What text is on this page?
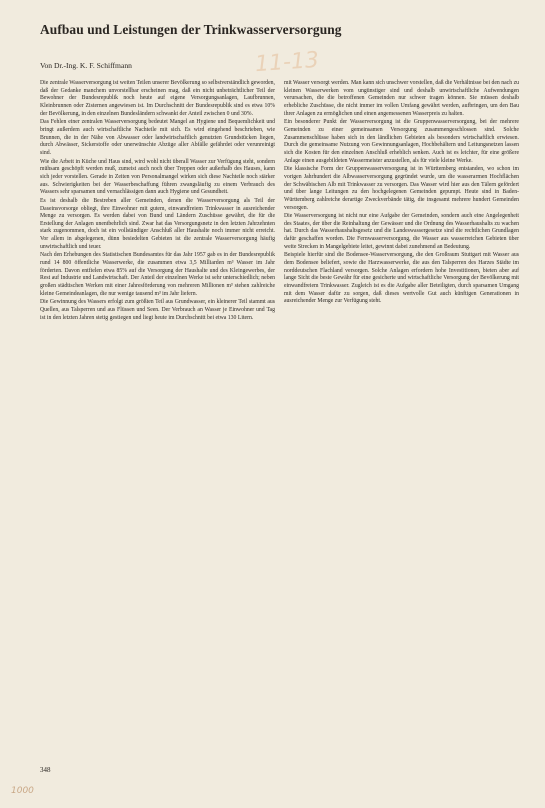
Aufbau und Leistungen der Trinkwasserversorgung
11-13
Von Dr.-Ing. K. F. Schiffmann

Die zentrale Wasserversorgung ist weiten Teilen unserer Bevölkerung so selbstverständlich geworden, daß der Gedanke manchem unvorstellbar erscheinen mag, daß ein nicht unbeträchtlicher Teil der Bewohner der Bundesrepublik noch heute auf eigene Versorgungsanlagen, Laufbrunnen, Kleinbrunnen oder Zisternen angewiesen ist. Im Durchschnitt der Bundesrepublik sind es etwa 10% der Bevölkerung, in den einzelnen Bundesländern schwankt der Anteil zwischen 0 und 30%.

Das Fehlen einer zentralen Wasserversorgung bedeutet Mangel an Hygiene und Bequemlichkeit und bringt außerdem auch wirtschaftliche Nachteile mit sich. Es wird eingehend beschrieben, wie Brunnen, die in der Nähe von Abwasser oder landwirtschaftlich genutzten Grundstücken liegen, durch Abwässer, Sickerstoffe oder unerwünschte Abzüge aller Abfälle gefährdet oder verunreinigt sind.

Wie die Arbeit in Küche und Haus sind, wird wohl nicht überall Wasser zur Verfügung steht, sondern mühsam geschöpft werden muß, zumeist auch noch über Treppen oder außerhalb des Hauses, kann sich jeder vorstellen. Gerade in Zeiten von Personalmangel wirken sich diese Nachteile noch stärker aus. Schwierigkeiten bei der Wasserbeschaffung führen zwangsläufig zu einem Verbrauch des Wassers sehr sparsamen und vernachlässigen dann auch Hygiene und Gesundheit.

Es ist deshalb die Bestreben aller Gemeinden, denen die Wasserversorgung als Teil der Daseinsvorsorge obliegt, ihre Einwohner mit gutem, einwandfreiem Trinkwasser in ausreichender Menge zu versorgen. Es werden dabei von Bund und Ländern Zuschüsse gewährt, die für die Erstellung der Anlagen unentbehrlich sind. Zwar hat das Versorgungsnetz in den letzten Jahrzehnten stark zugenommen, doch ist ein vollständiger Anschluß aller Haushalte noch immer nicht erreicht. Vor allem in abgelegenen, dünn besiedelten Gebieten ist die zentrale Wasserversorgung häufig unwirtschaftlich und teuer.

Nach den Erhebungen des Statistischen Bundesamtes für das Jahr 1957 gab es in der Bundesrepublik rund 14 800 öffentliche Wasserwerke, die zusammen etwa 3,5 Milliarden m³ Wasser im Jahr förderten. Davon entfielen etwa 85% auf die Versorgung der Haushalte und des Kleingewerbes, der Rest auf Industrie und Landwirtschaft. Der Anteil der einzelnen Werke ist sehr unterschiedlich; neben großen städtischen Werken mit einer Jahresförderung von mehreren Millionen m³ stehen zahlreiche kleine Gemeindeanlagen, die nur wenige tausend m³ im Jahr liefern.

Die Gewinnung des Wassers erfolgt zum größten Teil aus Grundwasser, ein kleinerer Teil stammt aus Quellen, aus Talsperren und aus Flüssen und Seen. Der Verbrauch an Wasser je Einwohner und Tag ist in den letzten Jahren stetig gestiegen und liegt heute im Durchschnitt bei etwa 130 Litern.

mit Wasser versorgt werden. Man kann sich unschwer vorstellen, daß die Verhältnisse bei den nach zu kleinen Wasserwerken vom ungünstiger sind und deshalb unwirtschaftliche Aufwendungen verursachen, die die betroffenen Gemeinden nur schwer tragen können. Sie müssen deshalb erhebliche Zuschüsse, die nicht immer im vollen Umfang gewährt werden, aufbringen, um den Bau ihrer Anlagen zu ermöglichen und einen angemessenen Wasserpreis zu halten.

Ein besonderer Punkt der Wasserversorgung ist die Gruppenwasserversorgung, bei der mehrere Gemeinden zu einer gemeinsamen Versorgung zusammengeschlossen sind. Solche Zusammenschlüsse haben sich in den ländlichen Gebieten als besonders wirtschaftlich erwiesen. Durch die gemeinsame Nutzung von Gewinnungsanlagen, Hochbehältern und Leitungsnetzen lassen sich die Kosten für den einzelnen Anschluß erheblich senken. Auch ist es leichter, für eine größere Anlage einen ausgebildeten Wassermeister anzustellen, als für viele kleine Werke.

Die klassische Form der Gruppenwasserversorgung ist in Württemberg entstanden, wo schon im vorigen Jahrhundert die Albwasserversorgung gegründet wurde, um die wasserarmen Hochflächen der Schwäbischen Alb mit Trinkwasser zu versorgen. Das Wasser wird hier aus den Tälern gefördert und über lange Leitungen zu den hochgelegenen Gemeinden gepumpt. Heute sind in Baden-Württemberg zahlreiche derartige Zweckverbände tätig, die insgesamt mehrere hundert Gemeinden versorgen.

Die Wasserversorgung ist nicht nur eine Aufgabe der Gemeinden, sondern auch eine Angelegenheit des Staates, der über die Reinhaltung der Gewässer und die Ordnung des Wasserhaushalts zu wachen hat. Durch das Wasserhaushaltsgesetz und die Landeswassergesetze sind die rechtlichen Grundlagen dafür geschaffen worden. Die Fernwasserversorgung, die Wasser aus wasserreichen Gebieten über weite Strecken in Mangelgebiete leitet, gewinnt dabei zunehmend an Bedeutung.

Beispiele hierfür sind die Bodensee-Wasserversorgung, die den Großraum Stuttgart mit Wasser aus dem Bodensee beliefert, sowie die Harzwasserwerke, die aus den Talsperren des Harzes Städte im norddeutschen Flachland versorgen. Solche Anlagen erfordern hohe Investitionen, bieten aber auf lange Sicht die beste Gewähr für eine gesicherte und wirtschaftliche Versorgung der Bevölkerung mit einwandfreiem Trinkwasser. Zugleich ist es die Aufgabe aller Beteiligten, durch sparsamen Umgang mit dem Wasser dafür zu sorgen, daß dieses wertvolle Gut auch künftigen Generationen in ausreichender Menge zur Verfügung steht.

348
1000
